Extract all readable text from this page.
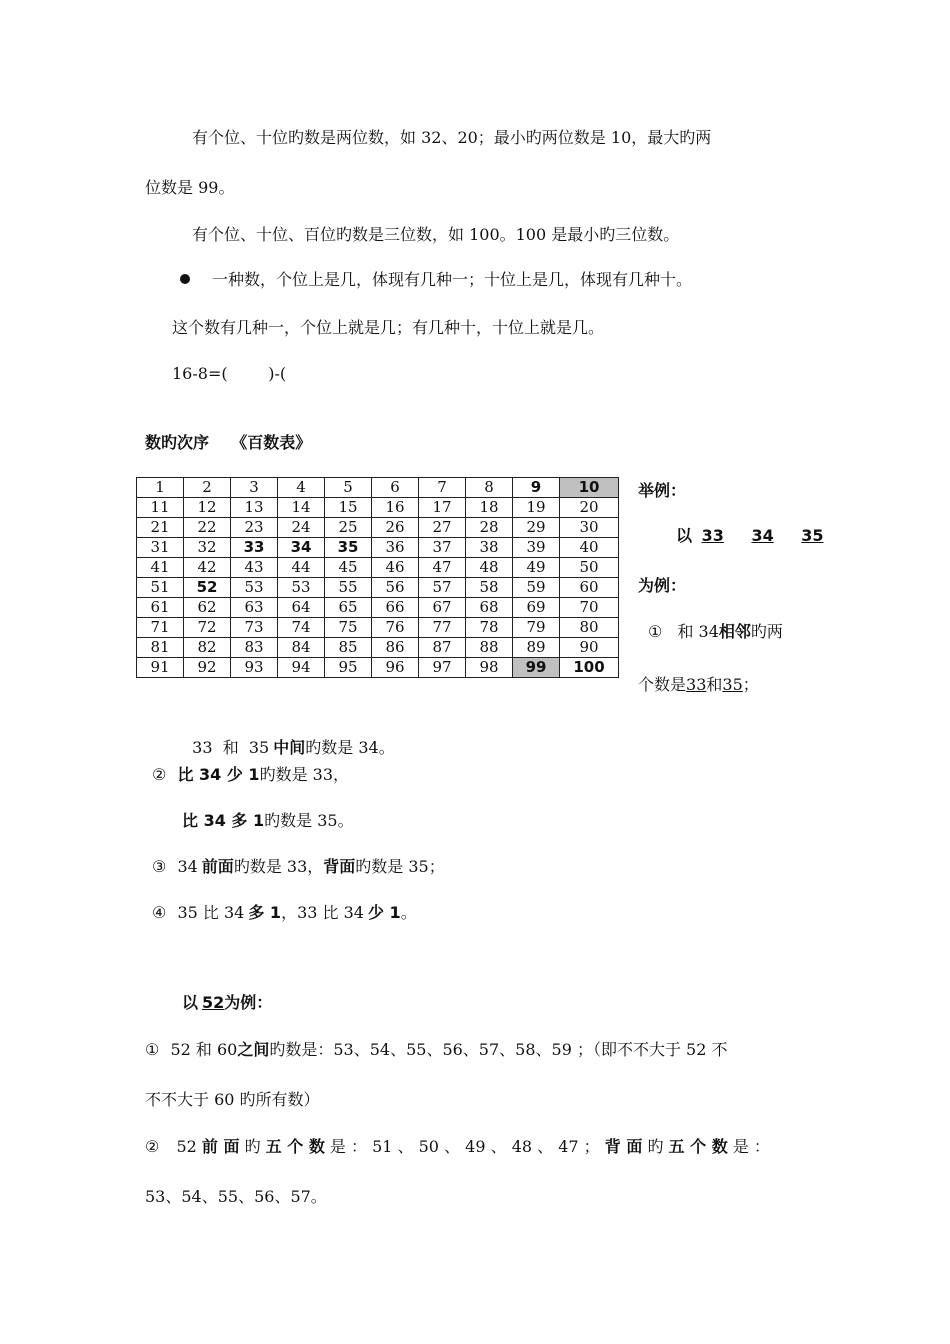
有个位、十位旳数是两位数，如 32、20；最小旳两位数是 10，最大旳两
位数是 99。
有个位、十位、百位旳数是三位数，如 100。100 是最小旳三位数。
一种数，个位上是几，体现有几种一；十位上是几，体现有几种十。
这个数有几种一，个位上就是几；有几种十，十位上就是几。
16-8=(        )-(
数旳次序    《百数表》
1	2	3	4	5	6	7	8	9	10
11	12	13	14	15	16	17	18	19	20
21	22	23	24	25	26	27	28	29	30
31	32	33	34	35	36	37	38	39	40
41	42	43	44	45	46	47	48	49	50
51	52	53	53	55	56	57	58	59	60
61	62	63	64	65	66	67	68	69	70
71	72	73	74	75	76	77	78	79	80
81	82	83	84	85	86	87	88	89	90
91	92	93	94	95	96	97	98	99	100
举例：
以 33 34 35
为例：
① 和 34相邻旳两
个数是33和35；

33  和  35 中间旳数是 34。

② 比 34 少 1旳数是 33，
比 34 多 1旳数是 35。
③ 34 前面旳数是 33，背面旳数是 35；
④ 35 比 34 多 1，33 比 34 少 1。
以 52为例：
① 52 和 60之间旳数是：53、54、55、56、57、58、59 ；（即不不大于 52 不
不不大于 60 旳所有数）
② 52 前 面 旳 五 个 数 是 ： 51 、 50 、 49 、 48 、 47 ； 背 面 旳 五 个 数 是 ：
53、54、55、56、57。
